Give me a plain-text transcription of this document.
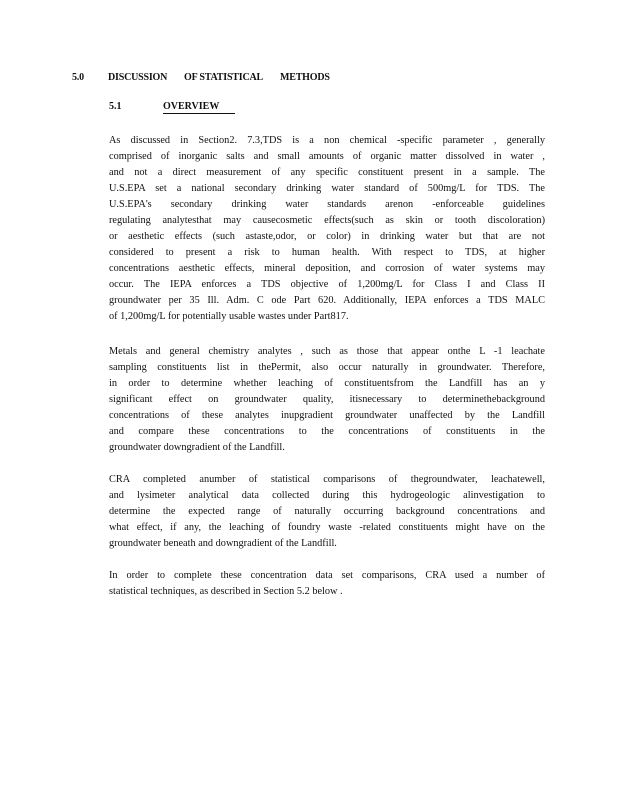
5.0 DISCUSSION OF STATISTICAL METHODS
5.1	OVERVIEW
As discussed in Section2. 7.3,TDS is a non chemical -specific parameter , generally
comprised of inorganic salts and small amounts of organic matter dissolved in water ,
and not a direct measurement of any specific constituent present in a sample. The
U.S.EPA set a national secondary drinking water standard of 500mg/L for TDS. The
U.S.EPA's secondary drinking water standards arenon -enforceable guidelines
regulating analytesthat may causecosmetic effects(such as skin or tooth discoloration)
or aesthetic effects (such astaste,odor, or color) in drinking water but that are not
considered to present a risk to human health. With respect to TDS, at higher
concentrations aesthetic effects, mineral deposition, and corrosion of water systems may
occur. The IEPA enforces a TDS objective of 1,200mg/L for Class I and Class II
groundwater per 35 Ill. Adm. C ode Part 620. Additionally, IEPA enforces a TDS MALC
of 1,200mg/L for potentially usable wastes under Part817.
Metals and general chemistry analytes , such as those that appear onthe L -1 leachate
sampling constituents list in thePermit, also occur naturally in groundwater. Therefore,
in order to determine whether leaching of constituentsfrom the Landfill has an y
significant effect on groundwater quality, itisnecessary to determinethebackground
concentrations of these analytes inupgradient groundwater unaffected by the Landfill
and compare these concentrations to the concentrations of constituents in the
groundwater downgradient of the Landfill.
CRA completed anumber of statistical comparisons of thegroundwater, leachatewell,
and lysimeter analytical data collected during this hydrogeologic alinvestigation to
determine the expected range of naturally occurring background concentrations and
what effect, if any, the leaching of foundry waste -related constituents might have on the
groundwater beneath and downgradient of the Landfill.
In order to complete these concentration data set comparisons, CRA used a number of
statistical techniques, as described in Section 5.2 below .
